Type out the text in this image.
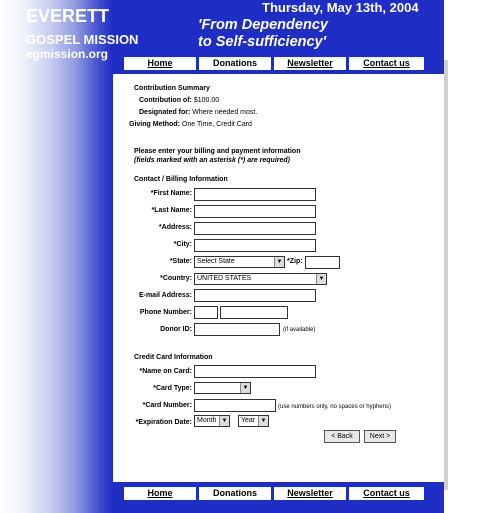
EVERETT
GOSPEL MISSION
egmission.org
Thursday, May 13th, 2004
'From Dependency
to Self-sufficiency'
Home	Donations	Newsletter	Contact us
Contribution Summary
Contribution of: $100.00
Designated for: Where needed most.
Giving Method: One Time, Credit Card
Please enter your billing and payment information
(fields marked with an asterisk (*) are required)
Contact / Billing Information
*First Name:
*Last Name:
*Address:
*City:
*State: Select State	▼ *Zip:
*Country: UNITED STATES	▼
E-mail Address:
Phone Number:
Donor ID:	(if available)
Credit Card Information
*Name on Card:
*Card Type:	▼
*Card Number:	(use numbers only, no spaces or hyphens)
*Expiration Date: Month ▼	Year ▼
< Back	Next >
Home	Donations	Newsletter	Contact us
